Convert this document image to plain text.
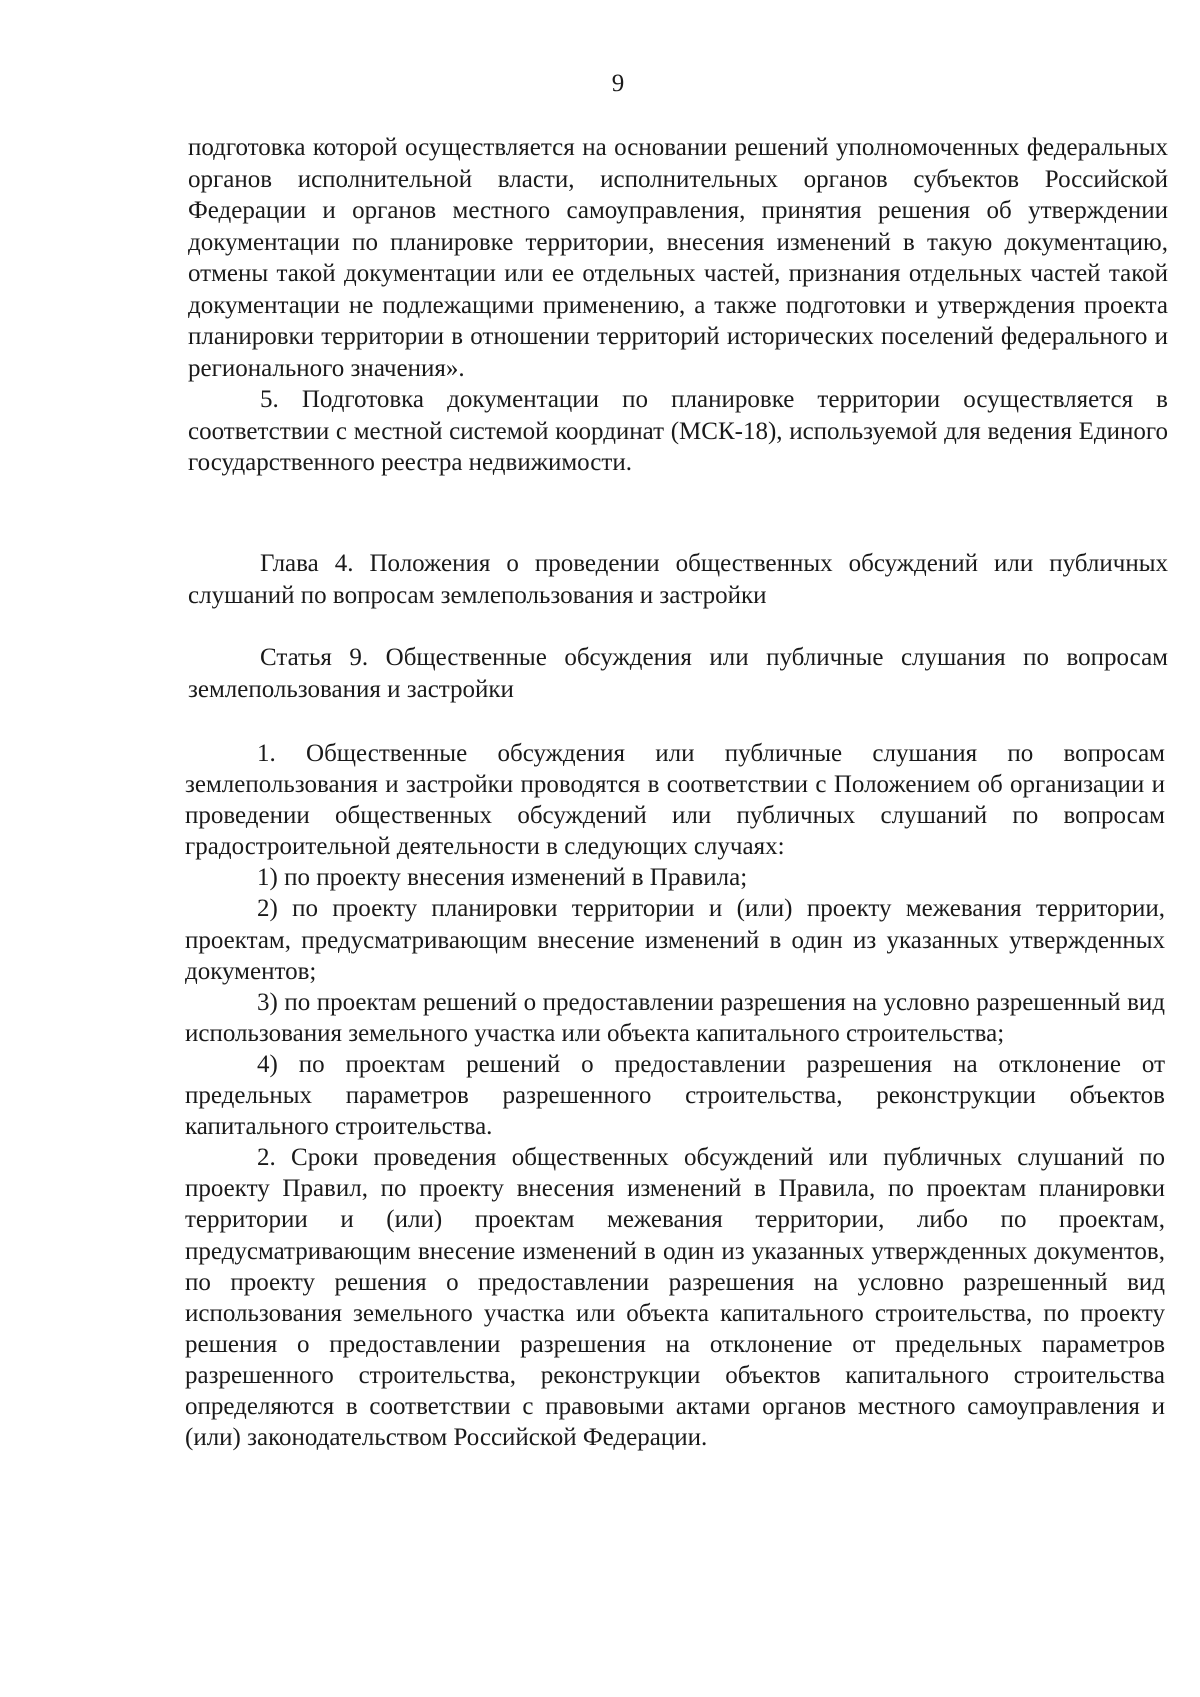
9

подготовка которой осуществляется на основании решений уполномоченных федеральных органов исполнительной власти, исполнительных органов субъектов Российской Федерации и органов местного самоуправления, принятия решения об утверждении документации по планировке территории, внесения изменений в такую документацию, отмены такой документации или ее отдельных частей, признания отдельных частей такой документации не подлежащими применению, а также подготовки и утверждения проекта планировки территории в отношении территорий исторических поселений федерального и регионального значения».

5. Подготовка документации по планировке территории осуществляется в соответствии с местной системой координат (МСК-18), используемой для ведения Единого государственного реестра недвижимости.

Глава 4. Положения о проведении общественных обсуждений или публичных слушаний по вопросам землепользования и застройки
Статья 9. Общественные обсуждения или публичные слушания по вопросам землепользования и застройки

1. Общественные обсуждения или публичные слушания по вопросам землепользования и застройки проводятся в соответствии с Положением об организации и проведении общественных обсуждений или публичных слушаний по вопросам градостроительной деятельности в следующих случаях:

1) по проекту внесения изменений в Правила;

2) по проекту планировки территории и (или) проекту межевания территории, проектам, предусматривающим внесение изменений в один из указанных утвержденных документов;

3) по проектам решений о предоставлении разрешения на условно разрешенный вид использования земельного участка или объекта капитального строительства;

4) по проектам решений о предоставлении разрешения на отклонение от предельных параметров разрешенного строительства, реконструкции объектов капитального строительства.

2. Сроки проведения общественных обсуждений или публичных слушаний по проекту Правил, по проекту внесения изменений в Правила, по проектам планировки территории и (или) проектам межевания территории, либо по проектам, предусматривающим внесение изменений в один из указанных утвержденных документов, по проекту решения о предоставлении разрешения на условно разрешенный вид использования земельного участка или объекта капитального строительства, по проекту решения о предоставлении разрешения на отклонение от предельных параметров разрешенного строительства, реконструкции объектов капитального строительства определяются в соответствии с правовыми актами органов местного самоуправления и (или) законодательством Российской Федерации.
